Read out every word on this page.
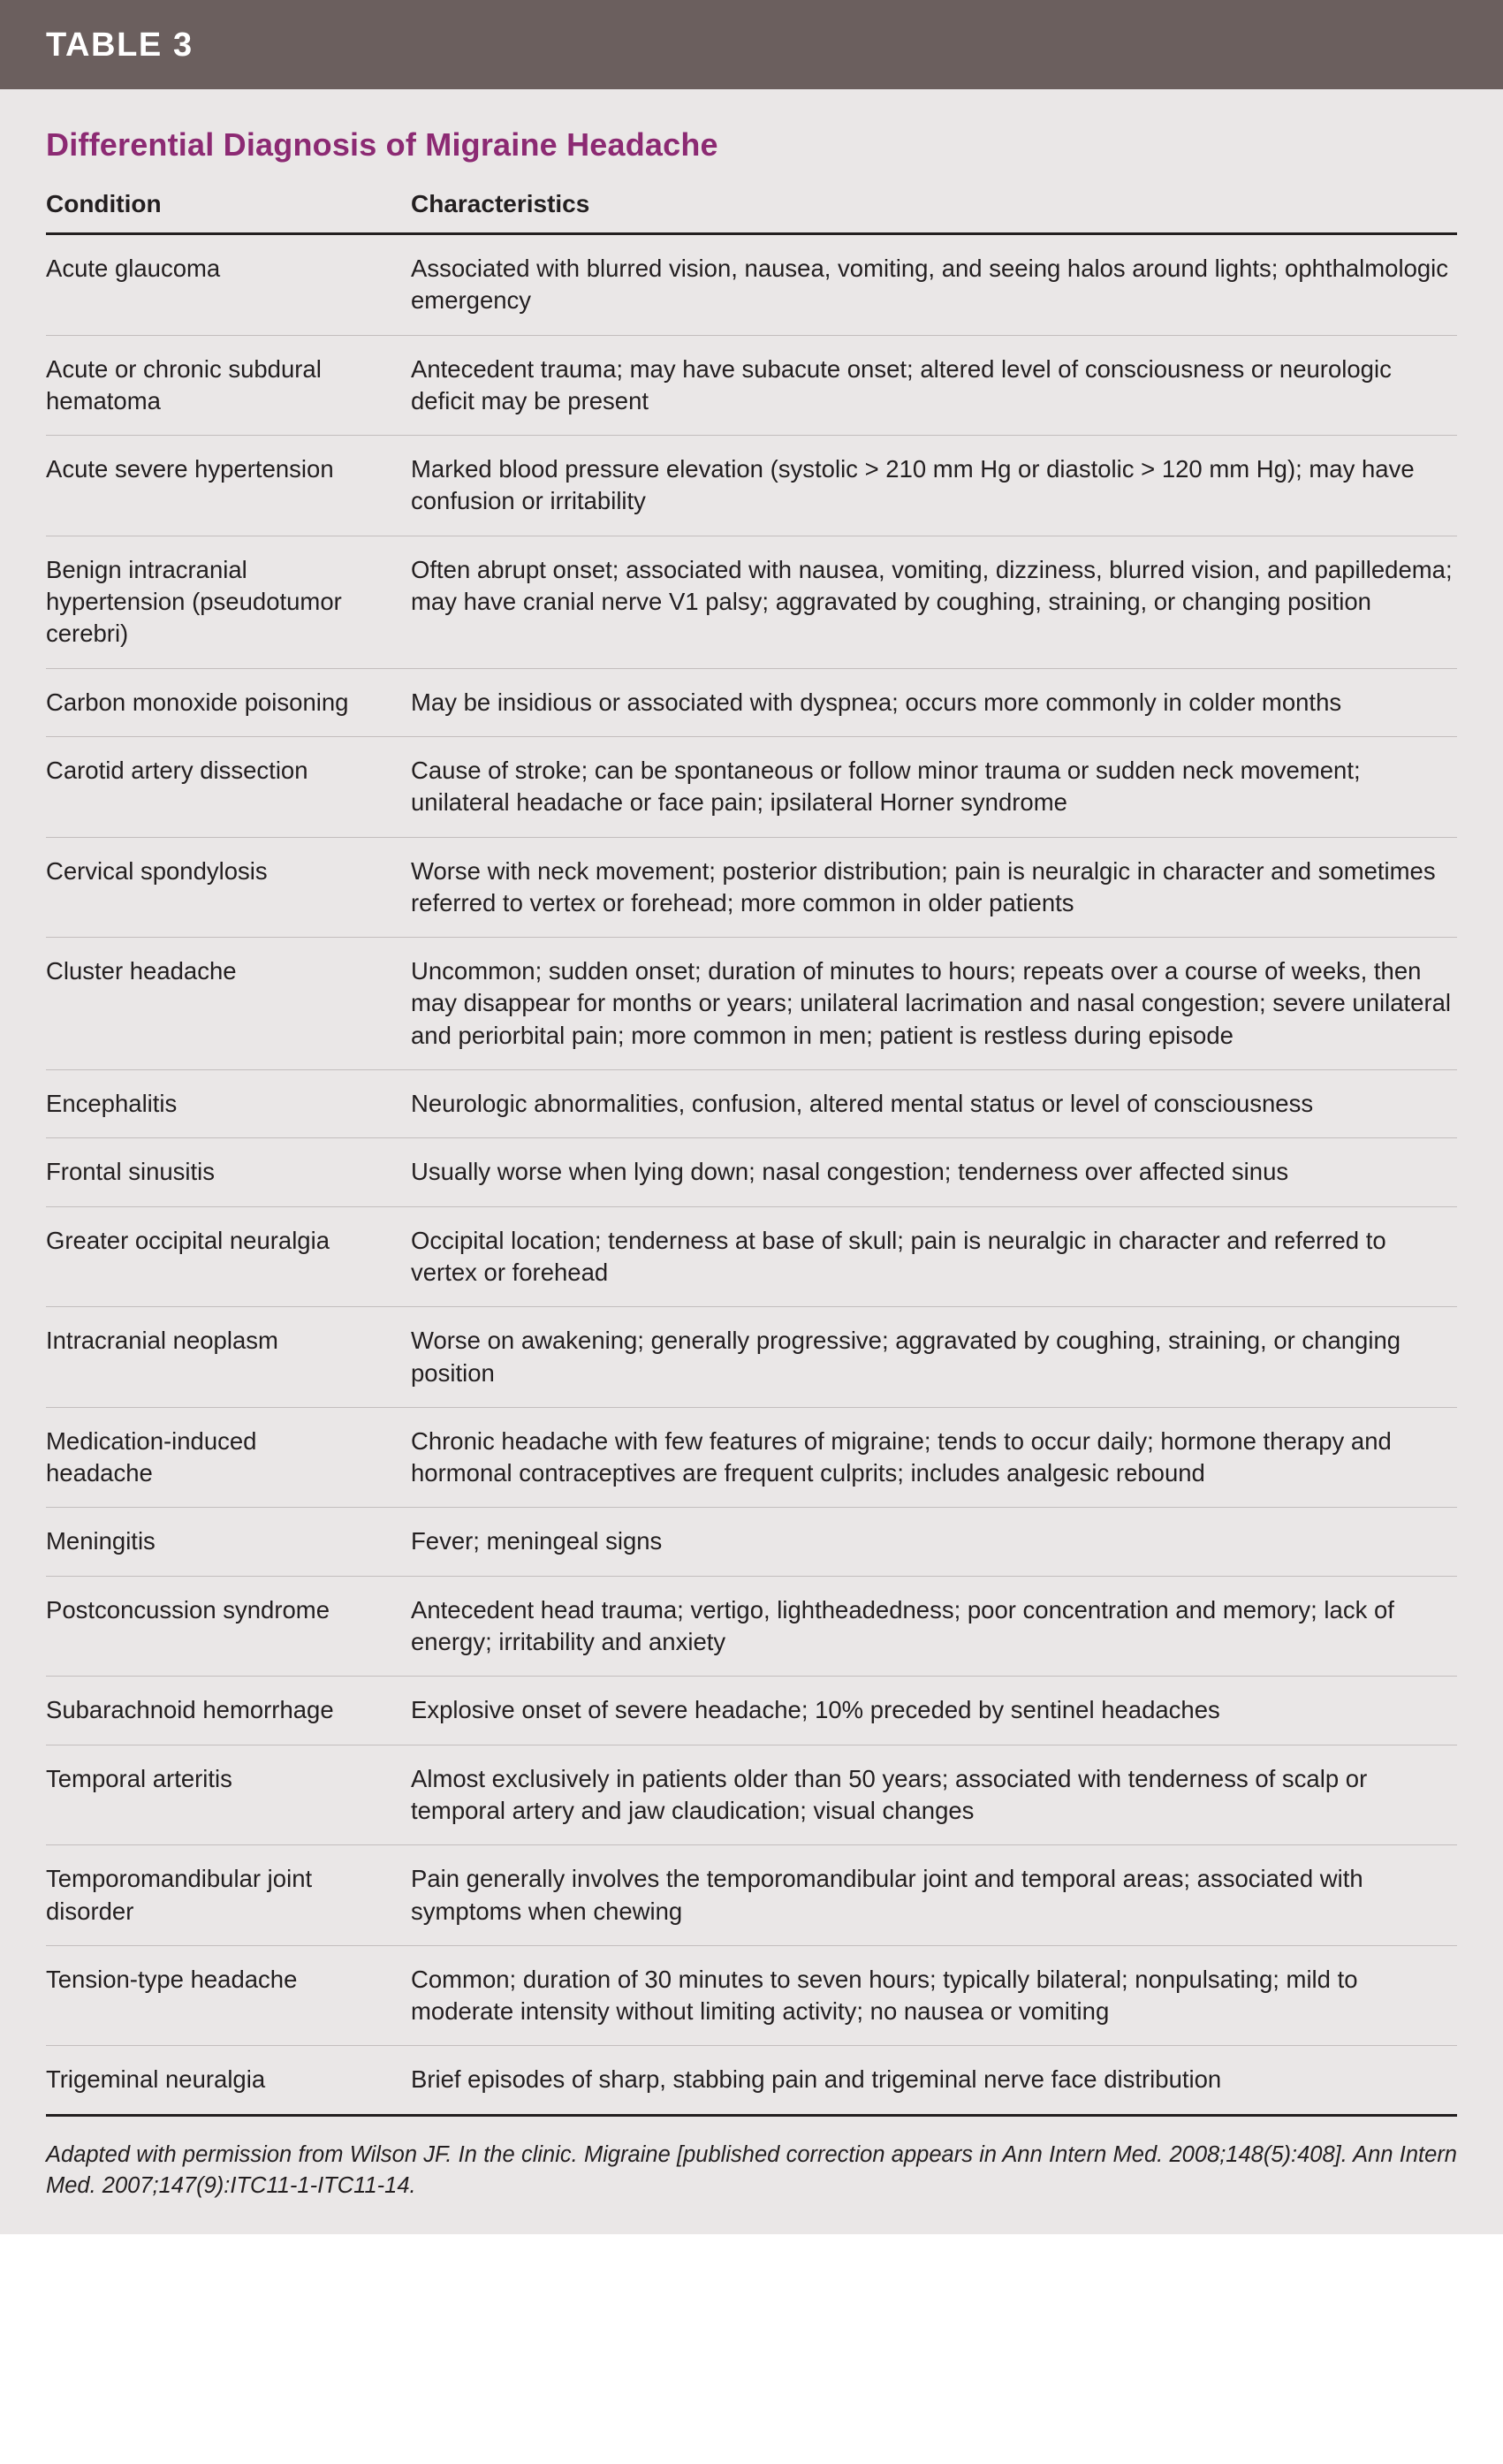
TABLE 3
Differential Diagnosis of Migraine Headache
Condition	Characteristics
Acute glaucoma	Associated with blurred vision, nausea, vomiting, and seeing halos around lights; ophthalmologic emergency
Acute or chronic subdural hematoma	Antecedent trauma; may have subacute onset; altered level of consciousness or neurologic deficit may be present
Acute severe hypertension	Marked blood pressure elevation (systolic > 210 mm Hg or diastolic > 120 mm Hg); may have confusion or irritability
Benign intracranial hypertension (pseudotumor cerebri)	Often abrupt onset; associated with nausea, vomiting, dizziness, blurred vision, and papilledema; may have cranial nerve V1 palsy; aggravated by coughing, straining, or changing position
Carbon monoxide poisoning	May be insidious or associated with dyspnea; occurs more commonly in colder months
Carotid artery dissection	Cause of stroke; can be spontaneous or follow minor trauma or sudden neck movement; unilateral headache or face pain; ipsilateral Horner syndrome
Cervical spondylosis	Worse with neck movement; posterior distribution; pain is neuralgic in character and sometimes referred to vertex or forehead; more common in older patients
Cluster headache	Uncommon; sudden onset; duration of minutes to hours; repeats over a course of weeks, then may disappear for months or years; unilateral lacrimation and nasal congestion; severe unilateral and periorbital pain; more common in men; patient is restless during episode
Encephalitis	Neurologic abnormalities, confusion, altered mental status or level of consciousness
Frontal sinusitis	Usually worse when lying down; nasal congestion; tenderness over affected sinus
Greater occipital neuralgia	Occipital location; tenderness at base of skull; pain is neuralgic in character and referred to vertex or forehead
Intracranial neoplasm	Worse on awakening; generally progressive; aggravated by coughing, straining, or changing position
Medication-induced headache	Chronic headache with few features of migraine; tends to occur daily; hormone therapy and hormonal contraceptives are frequent culprits; includes analgesic rebound
Meningitis	Fever; meningeal signs
Postconcussion syndrome	Antecedent head trauma; vertigo, lightheadedness; poor concentration and memory; lack of energy; irritability and anxiety
Subarachnoid hemorrhage	Explosive onset of severe headache; 10% preceded by sentinel headaches
Temporal arteritis	Almost exclusively in patients older than 50 years; associated with tenderness of scalp or temporal artery and jaw claudication; visual changes
Temporomandibular joint disorder	Pain generally involves the temporomandibular joint and temporal areas; associated with symptoms when chewing
Tension-type headache	Common; duration of 30 minutes to seven hours; typically bilateral; nonpulsating; mild to moderate intensity without limiting activity; no nausea or vomiting
Trigeminal neuralgia	Brief episodes of sharp, stabbing pain and trigeminal nerve face distribution
Adapted with permission from Wilson JF. In the clinic. Migraine [published correction appears in Ann Intern Med. 2008;148(5):408]. Ann Intern Med. 2007;147(9):ITC11-1-ITC11-14.
